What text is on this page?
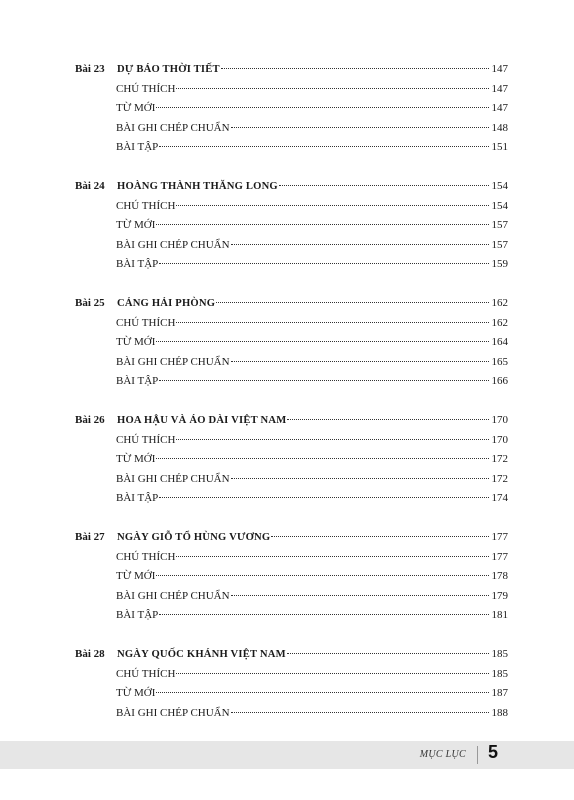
Bài 23 DỰ BÁO THỜI TIẾT	147
CHÚ THÍCH	147
TỪ MỚI	147
BÀI GHI CHÉP CHUẨN	148
BÀI TẬP	151
Bài 24 HOÀNG THÀNH THĂNG LONG	154
CHÚ THÍCH	154
TỪ MỚI	157
BÀI GHI CHÉP CHUẨN	157
BÀI TẬP	159
Bài 25 CẢNG HẢI PHÒNG	162
CHÚ THÍCH	162
TỪ MỚI	164
BÀI GHI CHÉP CHUẨN	165
BÀI TẬP	166
Bài 26 HOA HẬU VÀ ÁO DÀI VIỆT NAM	170
CHÚ THÍCH	170
TỪ MỚI	172
BÀI GHI CHÉP CHUẨN	172
BÀI TẬP	174
Bài 27 NGÀY GIỖ TỔ HÙNG VƯƠNG	177
CHÚ THÍCH	177
TỪ MỚI	178
BÀI GHI CHÉP CHUẨN	179
BÀI TẬP	181
Bài 28 NGÀY QUỐC KHÁNH VIỆT NAM	185
CHÚ THÍCH	185
TỪ MỚI	187
BÀI GHI CHÉP CHUẨN	188
MỤC LỤC 5
